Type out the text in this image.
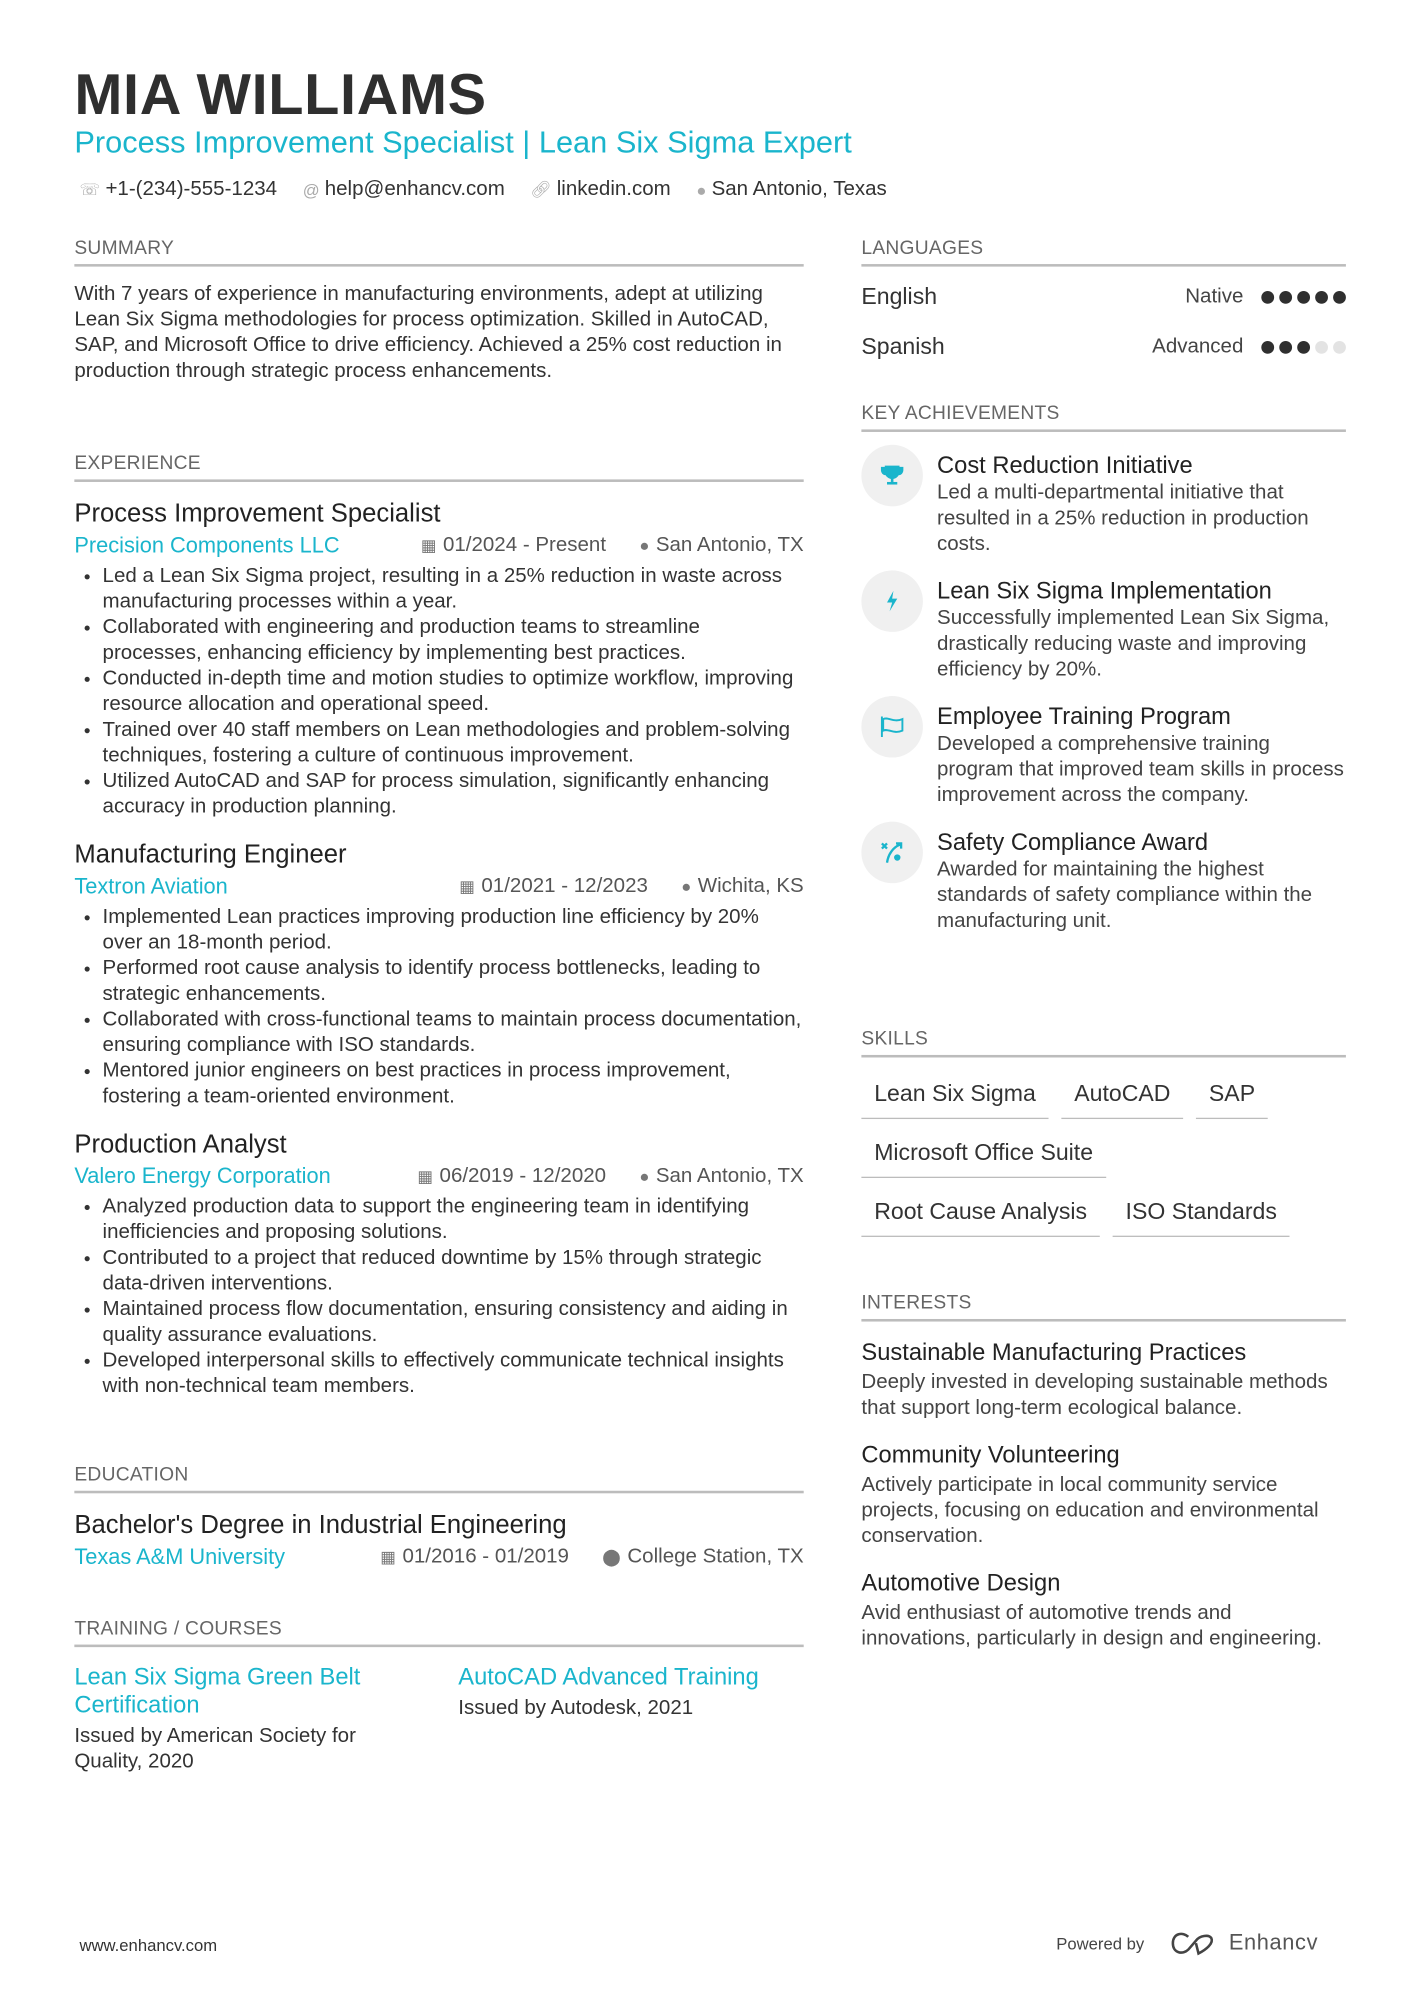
MIA WILLIAMS
Process Improvement Specialist | Lean Six Sigma Expert
☏ +1-(234)-555-1234 @ help@enhancv.com 🔗︎ linkedin.com ● San Antonio, Texas
SUMMARY
With 7 years of experience in manufacturing environments, adept at utilizing Lean Six Sigma methodologies for process optimization. Skilled in AutoCAD, SAP, and Microsoft Office to drive efficiency. Achieved a 25% cost reduction in production through strategic process enhancements.
EXPERIENCE
Process Improvement Specialist
Precision Components LLC	▦ 01/2024 - Present	● San Antonio, TX
Led a Lean Six Sigma project, resulting in a 25% reduction in waste across manufacturing processes within a year.
Collaborated with engineering and production teams to streamline processes, enhancing efficiency by implementing best practices.
Conducted in-depth time and motion studies to optimize workflow, improving resource allocation and operational speed.
Trained over 40 staff members on Lean methodologies and problem-solving techniques, fostering a culture of continuous improvement.
Utilized AutoCAD and SAP for process simulation, significantly enhancing accuracy in production planning.
Manufacturing Engineer
Textron Aviation	▦ 01/2021 - 12/2023	● Wichita, KS
Implemented Lean practices improving production line efficiency by 20% over an 18-month period.
Performed root cause analysis to identify process bottlenecks, leading to strategic enhancements.
Collaborated with cross-functional teams to maintain process documentation, ensuring compliance with ISO standards.
Mentored junior engineers on best practices in process improvement, fostering a team-oriented environment.
Production Analyst
Valero Energy Corporation	▦ 06/2019 - 12/2020	● San Antonio, TX
Analyzed production data to support the engineering team in identifying inefficiencies and proposing solutions.
Contributed to a project that reduced downtime by 15% through strategic data-driven interventions.
Maintained process flow documentation, ensuring consistency and aiding in quality assurance evaluations.
Developed interpersonal skills to effectively communicate technical insights with non-technical team members.
EDUCATION
Bachelor's Degree in Industrial Engineering
Texas A&M University	▦ 01/2016 - 01/2019	⬤ College Station, TX
TRAINING / COURSES
Lean Six Sigma Green Belt Certification
Issued by American Society for Quality, 2020
AutoCAD Advanced Training
Issued by Autodesk, 2021
LANGUAGES
English	Native
Spanish	Advanced
KEY ACHIEVEMENTS
Cost Reduction Initiative
Led a multi-departmental initiative that resulted in a 25% reduction in production costs.
Lean Six Sigma Implementation
Successfully implemented Lean Six Sigma, drastically reducing waste and improving efficiency by 20%.
Employee Training Program
Developed a comprehensive training program that improved team skills in process improvement across the company.
Safety Compliance Award
Awarded for maintaining the highest standards of safety compliance within the manufacturing unit.
SKILLS
Lean Six Sigma	AutoCAD	SAP
Microsoft Office Suite
Root Cause Analysis	ISO Standards
INTERESTS
Sustainable Manufacturing Practices
Deeply invested in developing sustainable methods that support long-term ecological balance.
Community Volunteering
Actively participate in local community service projects, focusing on education and environmental conservation.
Automotive Design
Avid enthusiast of automotive trends and innovations, particularly in design and engineering.
www.enhancv.com	Powered by	Enhancv
